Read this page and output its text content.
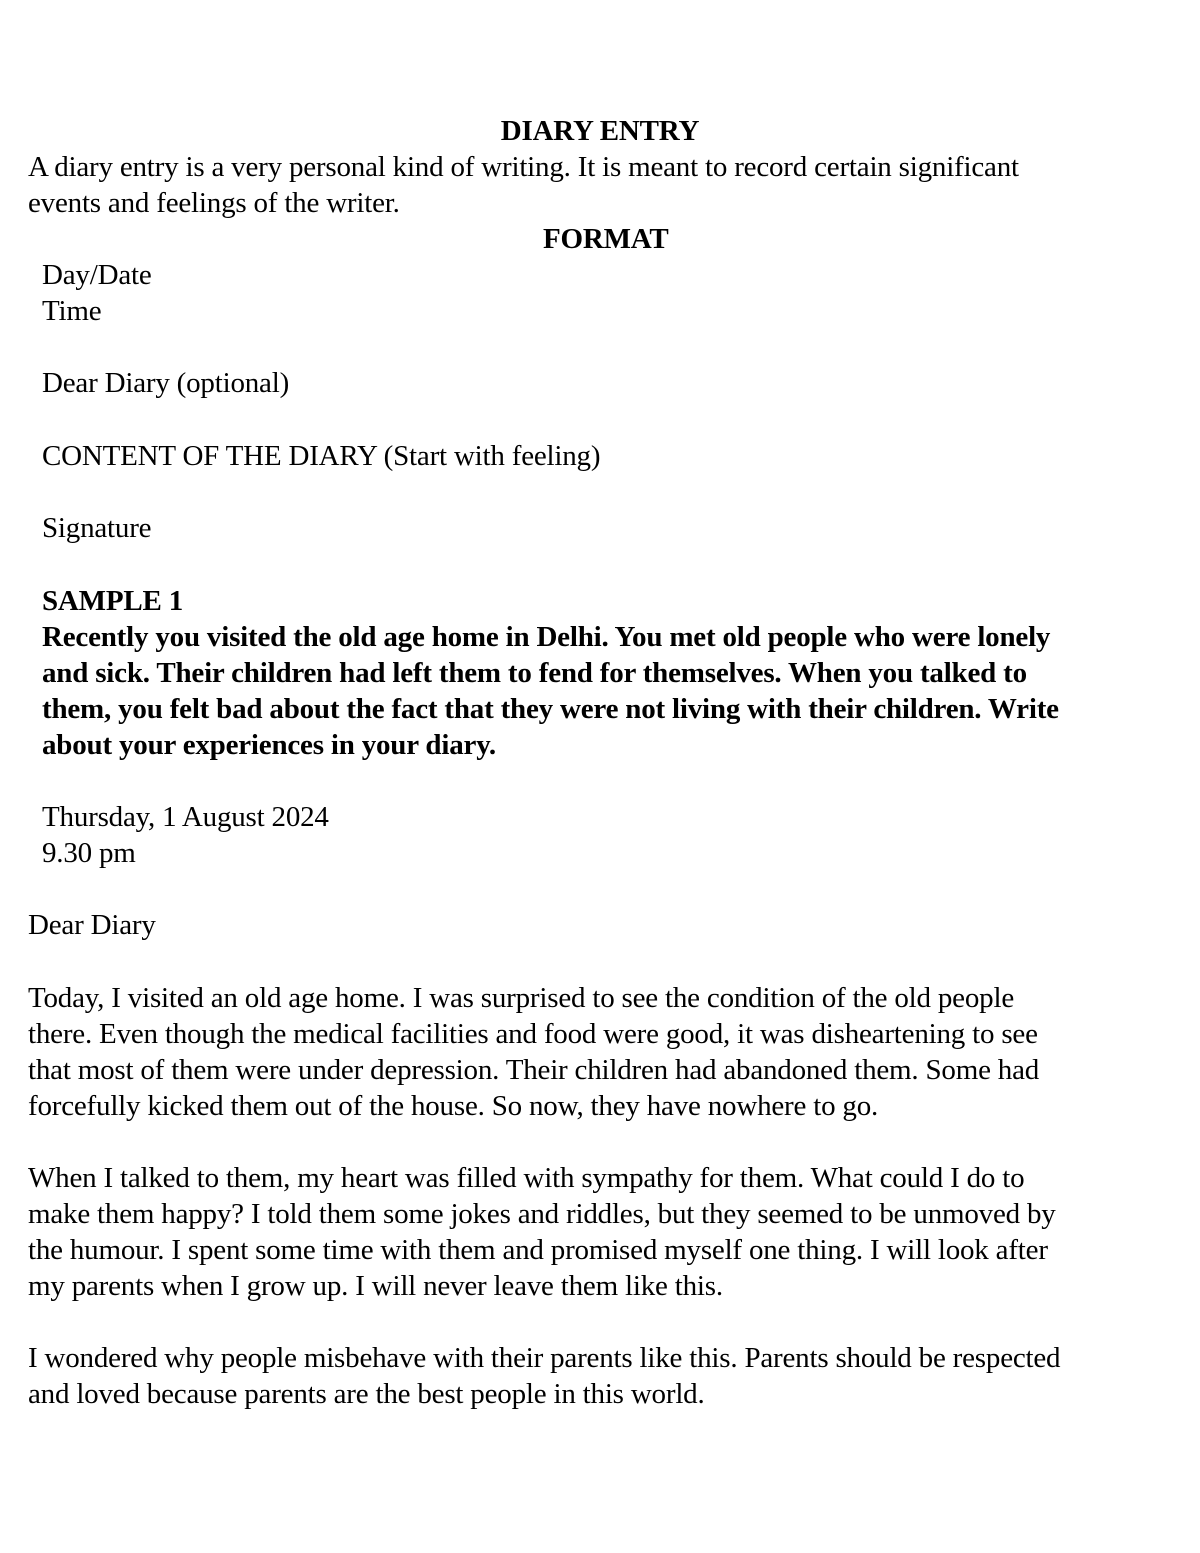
DIARY ENTRY
A diary entry is a very personal kind of writing. It is meant to record certain significant
events and feelings of the writer.
FORMAT
Day/Date
Time
Dear Diary (optional)
CONTENT OF THE DIARY (Start with feeling)
Signature
SAMPLE 1
Recently you visited the old age home in Delhi. You met old people who were lonely
and sick. Their children had left them to fend for themselves. When you talked to
them, you felt bad about the fact that they were not living with their children. Write
about your experiences in your diary.
Thursday, 1 August 2024
9.30 pm
Dear Diary
Today, I visited an old age home. I was surprised to see the condition of the old people
there. Even though the medical facilities and food were good, it was disheartening to see
that most of them were under depression. Their children had abandoned them. Some had
forcefully kicked them out of the house. So now, they have nowhere to go.
When I talked to them, my heart was filled with sympathy for them. What could I do to
make them happy? I told them some jokes and riddles, but they seemed to be unmoved by
the humour. I spent some time with them and promised myself one thing. I will look after
my parents when I grow up. I will never leave them like this.
I wondered why people misbehave with their parents like this. Parents should be respected
and loved because parents are the best people in this world.
